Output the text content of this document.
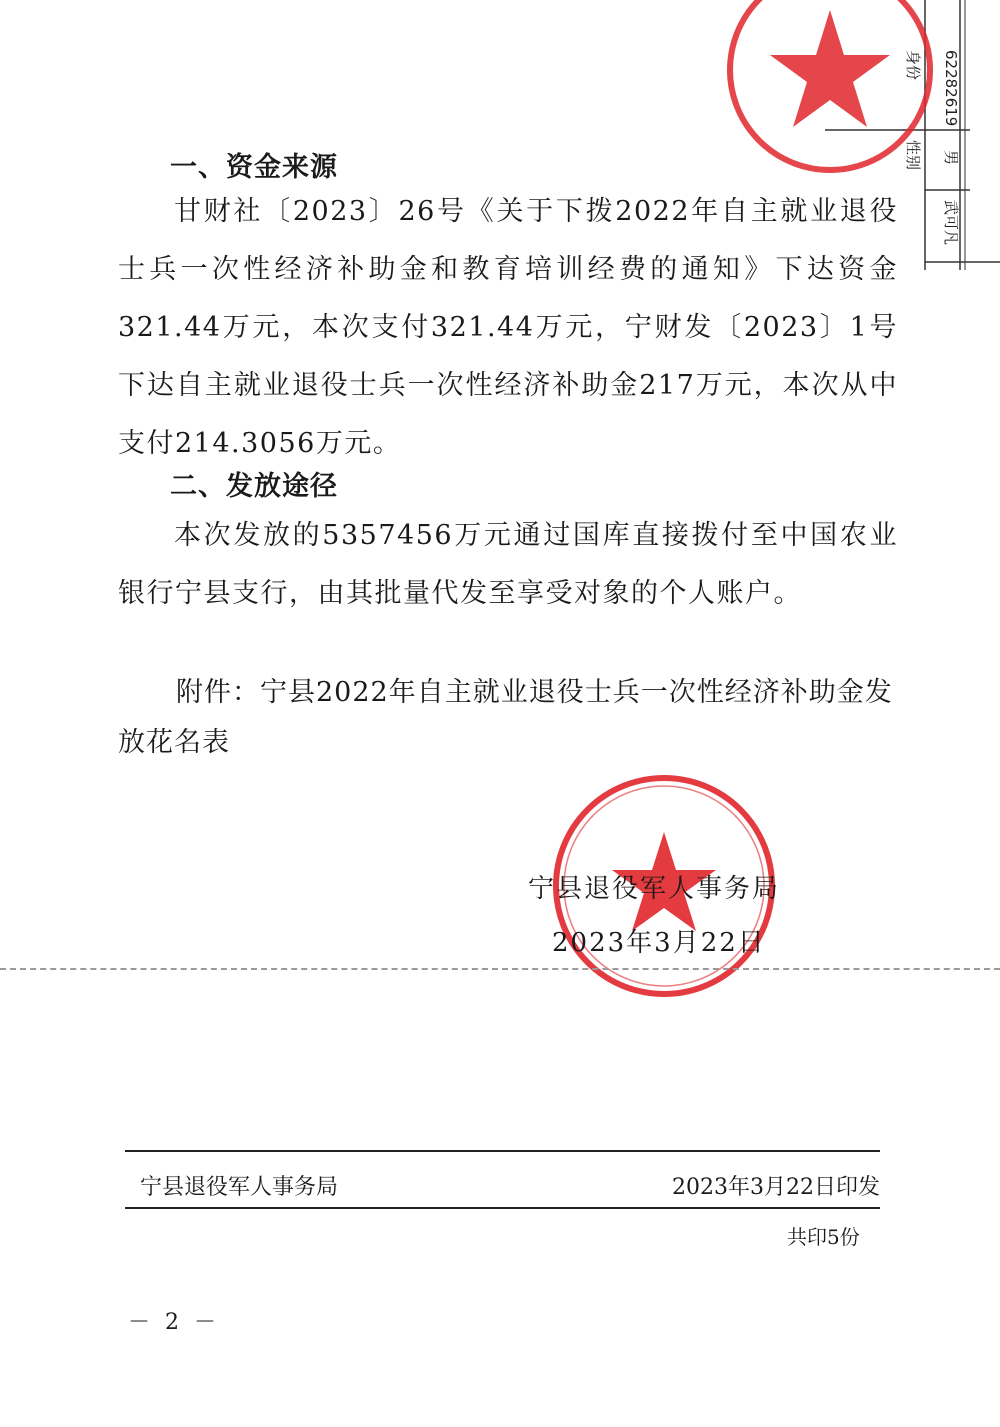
身份 62282619
性别 男
武可凡
一、资金来源

甘财社〔2023〕26号《关于下拨2022年自主就业退役士兵一次性经济补助金和教育培训经费的通知》下达资金321.44万元，本次支付321.44万元，宁财发〔2023〕1号下达自主就业退役士兵一次性经济补助金217万元，本次从中支付214.3056万元。

二、发放途径

本次发放的5357456万元通过国库直接拨付至中国农业银行宁县支行，由其批量代发至享受对象的个人账户。

附件：宁县2022年自主就业退役士兵一次性经济补助金发放花名表

宁县退役军人事务局
2023年3月22日
宁县退役军人事务局	2023年3月22日印发
共印5份
－ 2 －
